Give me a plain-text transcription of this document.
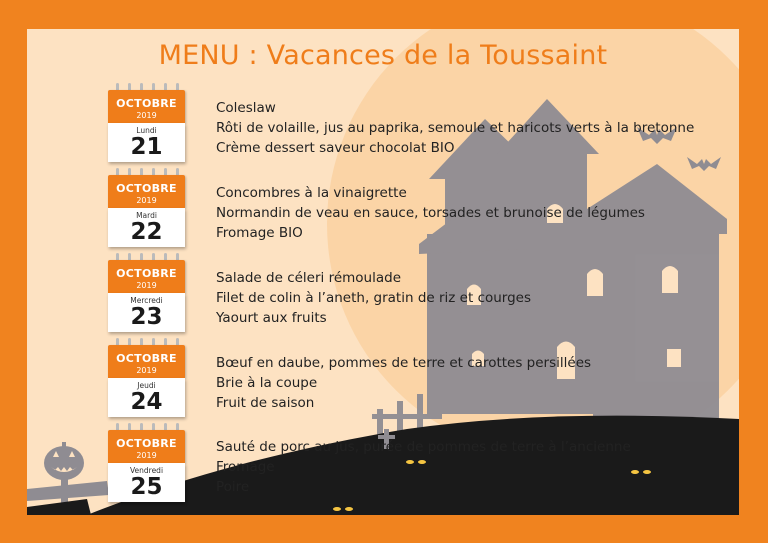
MENU : Vacances de la Toussaint
OCTOBRE
2019
Lundi
21
Coleslaw
Rôti de volaille, jus au paprika, semoule et haricots verts à la bretonne
Crème dessert saveur chocolat BIO
OCTOBRE
2019
Mardi
22
Concombres à la vinaigrette
Normandin de veau en sauce, torsades et brunoise de légumes
Fromage BIO
OCTOBRE
2019
Mercredi
23
Salade de céleri rémoulade
Filet de colin à l’aneth, gratin de riz et courges
Yaourt aux fruits
OCTOBRE
2019
Jeudi
24
Bœuf en daube, pommes de terre et carottes persillées
Brie à la coupe
Fruit de saison
OCTOBRE
2019
Vendredi
25
Sauté de porc au jus, purée de pommes de terre à l’ancienne
Fromage
Poire
